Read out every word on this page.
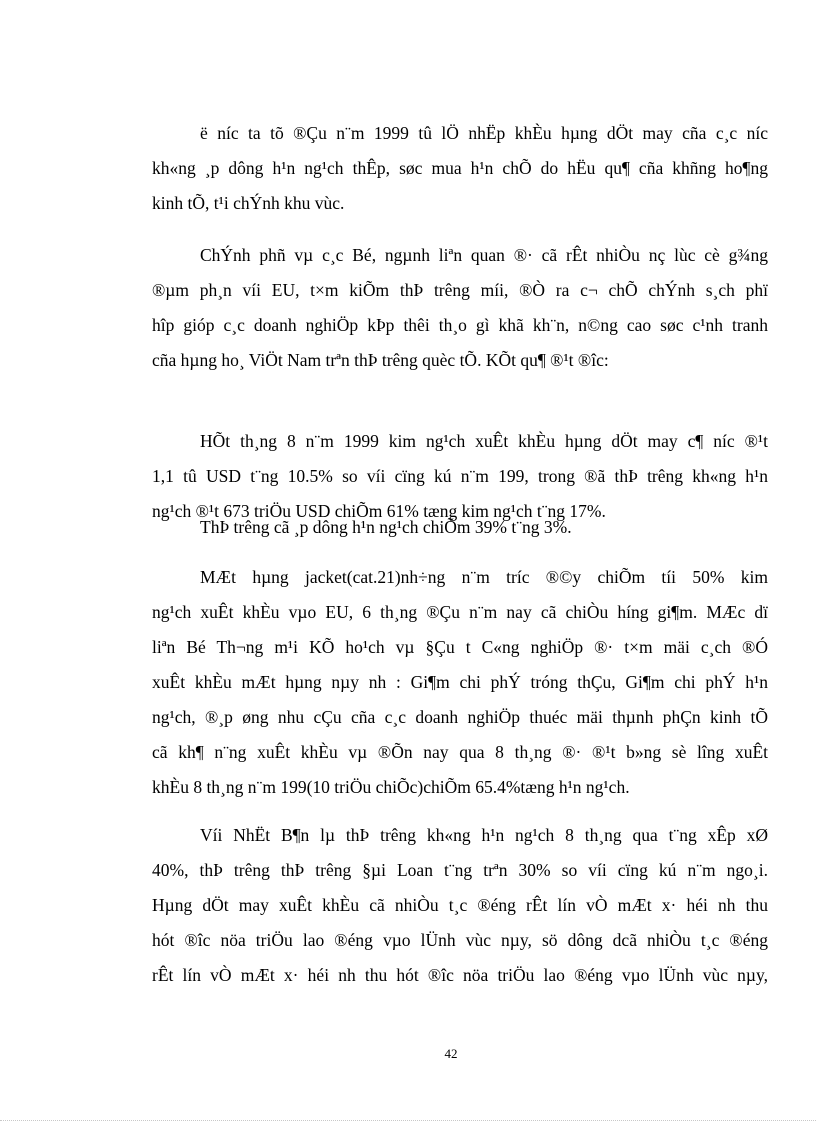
ë níc ta tõ ®Çu n¨m 1999 tû lÖ nhËp khÈu hµng dÖt may cña c¸c níc
kh«ng ¸p dông h¹n ng¹ch thÊp, søc mua h¹n chÕ do hËu qu¶ cña khñng ho¶ng
kinh tÕ, t¹i chÝnh khu vùc.
ChÝnh phñ vµ c¸c Bé, ngµnh liªn quan ®· cã rÊt nhiÒu nç lùc cè g¾ng
®µm ph¸n víi EU, t×m kiÕm thÞ trêng míi, ®Ò ra c¬ chÕ chÝnh s¸ch phï
hîp gióp c¸c doanh nghiÖp kÞp thêi th¸o gì khã kh¨n, n©ng cao søc c¹nh tranh
cña hµng ho¸ ViÖt Nam trªn thÞ trêng quèc tÕ. KÕt qu¶ ®¹t ®îc:
HÕt th¸ng 8 n¨m 1999 kim ng¹ch xuÊt khÈu hµng dÖt may c¶ níc ®¹t
1,1 tû USD t¨ng 10.5% so víi cïng kú n¨m 199, trong ®ã thÞ trêng kh«ng h¹n
ng¹ch ®¹t 673 triÖu USD chiÕm 61% tæng kim ng¹ch t¨ng 17%.
ThÞ trêng cã ¸p dông h¹n ng¹ch chiÕm 39% t¨ng 3%.
MÆt hµng jacket(cat.21)nh÷ng n¨m tríc ®©y chiÕm tíi 50% kim
ng¹ch xuÊt khÈu vµo EU, 6 th¸ng ®Çu n¨m nay cã chiÒu híng gi¶m. MÆc dï
liªn Bé Th¬ng m¹i KÕ ho¹ch vµ §Çu t C«ng nghiÖp ®· t×m mäi c¸ch ®Ó
xuÊt khÈu mÆt hµng nµy nh : Gi¶m chi phÝ tróng thÇu, Gi¶m chi phÝ h¹n
ng¹ch, ®¸p øng nhu cÇu cña c¸c doanh nghiÖp thuéc mäi thµnh phÇn kinh tÕ
cã kh¶ n¨ng xuÊt khÈu vµ ®Õn nay qua 8 th¸ng ®· ®¹t b»ng sè lîng xuÊt
khÈu 8 th¸ng n¨m 199(10 triÖu chiÕc)chiÕm 65.4%tæng h¹n ng¹ch.
Víi NhËt B¶n lµ thÞ trêng kh«ng h¹n ng¹ch 8 th¸ng qua t¨ng xÊp xØ
40%, thÞ trêng thÞ trêng §µi Loan t¨ng trªn 30% so víi cïng kú n¨m ngo¸i.
Hµng dÖt may xuÊt khÈu cã nhiÒu t¸c ®éng rÊt lín vÒ mÆt x· héi nh thu
hót ®îc nöa triÖu lao ®éng vµo lÜnh vùc nµy, sö dông dcã nhiÒu t¸c ®éng
rÊt lín vÒ mÆt x· héi nh thu hót ®îc nöa triÖu lao ®éng vµo lÜnh vùc nµy,
42
